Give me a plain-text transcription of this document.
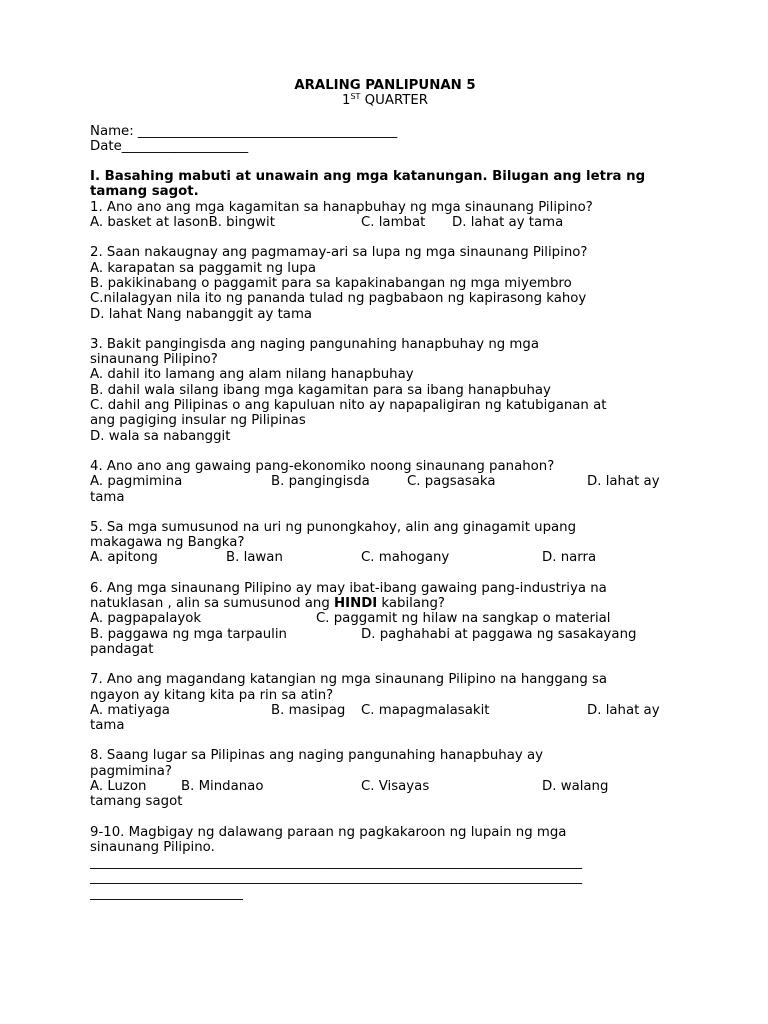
ARALING PANLIPUNAN 5
1ST QUARTER
Name: _______________________________________
Date___________________
I. Basahing mabuti at unawain ang mga katanungan. Bilugan ang letra ng tamang sagot.
1. Ano ano ang mga kagamitan sa hanapbuhay ng mga sinaunang Pilipino?
A. basket at lasonB. bingwit	C. lambat D. lahat ay tama
2. Saan nakaugnay ang pagmamay-ari sa lupa ng mga sinaunang Pilipino?
A. karapatan sa paggamit ng lupa
B. pakikinabang o paggamit para sa kapakinabangan ng mga miyembro
C.nilalagyan nila ito ng pananda tulad ng pagbabaon ng kapirasong kahoy
D. lahat Nang nabanggit ay tama
3. Bakit pangingisda ang naging pangunahing hanapbuhay ng mga
sinaunang Pilipino?
A. dahil ito lamang ang alam nilang hanapbuhay
B. dahil wala silang ibang mga kagamitan para sa ibang hanapbuhay
C. dahil ang Pilipinas o ang kapuluan nito ay napapaligiran ng katubiganan at
ang pagiging insular ng Pilipinas
D. wala sa nabanggit
4. Ano ano ang gawaing pang-ekonomiko noong sinaunang panahon?
A. pagmimina	B. pangingisda	C. pagsasaka	D. lahat ay
tama
5. Sa mga sumusunod na uri ng punongkahoy, alin ang ginagamit upang
makagawa ng Bangka?
A. apitong	B. lawan	C. mahogany	D. narra
6. Ang mga sinaunang Pilipino ay may ibat-ibang gawaing pang-industriya na
natuklasan , alin sa sumusunod ang HINDI kabilang?
A. pagpapalayok	C. paggamit ng hilaw na sangkap o material
B. paggawa ng mga tarpaulin	D. paghahabi at paggawa ng sasakayang
pandagat
7. Ano ang magandang katangian ng mga sinaunang Pilipino na hanggang sa
ngayon ay kitang kita pa rin sa atin?
A. matiyaga	B. masipag C. mapagmalasakit	D. lahat ay
tama
8. Saang lugar sa Pilipinas ang naging pangunahing hanapbuhay ay
pagmimina?
A. Luzon	B. Mindanao	C. Visayas	D. walang
tamang sagot
9-10. Magbigay ng dalawang paraan ng pagkakaroon ng lupain ng mga
sinaunang Pilipino.
__________________________________________________________________________
__________________________________________________________________________
_______________________
